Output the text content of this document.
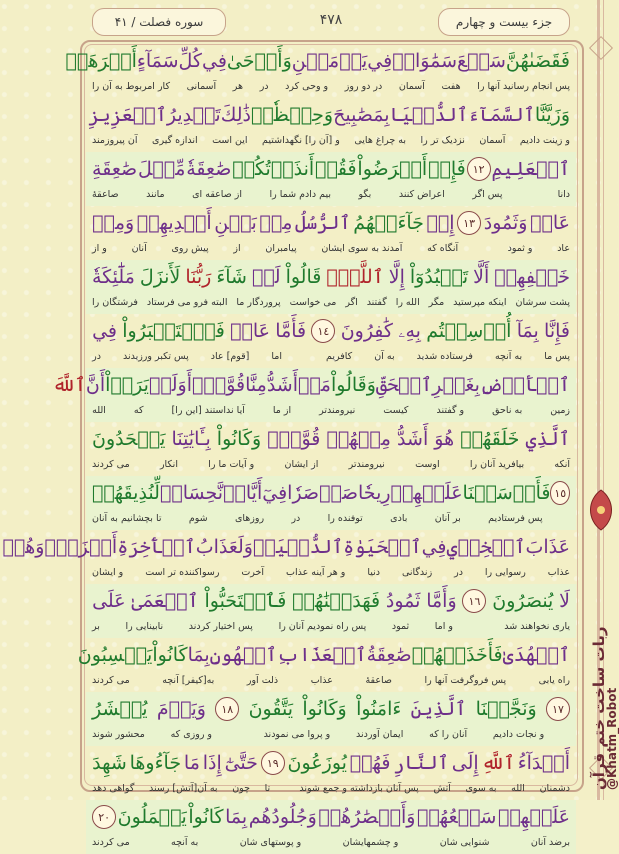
جزء بیست و چهارم
۴۷۸
سوره فصلت / ۴۱
فَقَضَىٰهُنَّ
سَبۡعَ
سَمَٰوَاتٖ
فِي
يَوۡمَيۡنِ
وَأَوۡحَىٰ
فِي
كُلِّ
سَمَآءٍ
أَمۡرَهَاۚ
پس انجام رسانید آنها را
هفت
آسمان
در دو روز
و وحی کرد
در
هر
آسمانی
کار امربوط به آن را
وَزَيَّنَّا
ٱلسَّمَآءَ
ٱلدُّنۡيَا
بِمَصَٰبِيحَ
وَحِفۡظٗاۚ
ذَٰلِكَ
تَقۡدِيرُ
ٱلۡعَزِيزِ
و زینت دادیم
آسمان
نزدیک تر را
به چراغ هایی
و [آن را] نگهداشتیم
این است
اندازه گیری
آن پیروزمند
ٱلۡعَلِيمِ
١٢
فَإِنۡ
أَعۡرَضُواْ
فَقُلۡ
أَنذَرۡتُكُمۡ
صَٰعِقَةٗ
مِّثۡلَ
صَٰعِقَةِ
دانا
پس اگر
اعراض کنند
بگو
بیم دادم شما را
از صاعقه ای
مانند
صاعقهٔ
عَادٖ
وَثَمُودَ
١٣
إِذۡ
جَآءَتۡهُمُ
ٱلرُّسُلُ
مِنۢ
بَيۡنِ
أَيۡدِيهِمۡ
وَمِنۡ
عاد
و ثمود
آنگاه که
آمدند به سوی ایشان
پیامبران
از
پیش روی
آنان
و از
خَلۡفِهِمۡ
أَلَّا
تَعۡبُدُوٓاْ
إِلَّا
ٱللَّهَۖ
قَالُواْ
لَوۡ
شَآءَ
رَبُّنَا
لَأَنزَلَ
مَلَٰٓئِكَةٗ
پشت سرشان
اینکه مپرستید
مگر
الله را
گفتند
اگر
می خواست
پروردگار ما
البته فرو می فرستاد
فرشتگان را
فَإِنَّا
بِمَآ
أُرۡسِلۡتُم
بِهِۦ
كَٰفِرُونَ
١٤
فَأَمَّا
عَادٞ
فَٱسۡتَكۡبَرُواْ
فِي
پس ما
به آنچه
فرستاده شدید
به آن
کافریم
اما
[قوم] عاد
پس تکبر ورزیدند
در
ٱلۡأَرۡضِ
بِغَيۡرِ
ٱلۡحَقِّ
وَقَالُواْ
مَنۡ
أَشَدُّ
مِنَّا
قُوَّةًۖ
أَوَلَمۡ
يَرَوۡاْ
أَنَّ
ٱللَّهَ
زمین
به ناحق
و گفتند
کیست
نیرومندتر
از ما
آیا نداستند [این را]
که
الله
ٱلَّذِي
خَلَقَهُمۡ
هُوَ
أَشَدُّ
مِنۡهُمۡ
قُوَّةٗۖ
وَكَانُواْ
بِـَٔايَٰتِنَا
يَجۡحَدُونَ
آنکه
بیافرید آنان را
اوست
نیرومندتر
از ایشان
و آیات ما را
انکار
می کردند
١٥
فَأَرۡسَلۡنَا
عَلَيۡهِمۡ
رِيحٗا
صَرۡصَرٗا
فِيٓ
أَيَّامٖ
نَّحِسَاتٖ
لِّنُذِيقَهُمۡ
پس فرستادیم
بر آنان
بادی
توفنده را
در
روزهای
شوم
تا بچشانیم به آنان
عَذَابَ
ٱلۡخِزۡيِ
فِي
ٱلۡحَيَوٰةِ
ٱلدُّنۡيَاۖ
وَلَعَذَابُ
ٱلۡأٓخِرَةِ
أَخۡزَىٰۖ
وَهُمۡ
عذاب
رسوایی را
در
زندگانی
دنیا
و هر آینه عذاب
آخرت
رسواکننده تر است
و ایشان
لَا
يُنصَرُونَ
١٦
وَأَمَّا
ثَمُودُ
فَهَدَيۡنَٰهُمۡ
فَٱسۡتَحَبُّواْ
ٱلۡعَمَىٰ
عَلَى
یاری نخواهند شد
و اما
ثمود
پس راه نمودیم آنان را
پس اختیار کردند
نابینایی را
بر
ٱلۡهُدَىٰ
فَأَخَذَتۡهُمۡ
صَٰعِقَةُ
ٱلۡعَذَابِ
ٱلۡهُونِ
بِمَا
كَانُواْ
يَكۡسِبُونَ
راه یابی
پس فروگرفت آنها را
صاعقهٔ
عذاب
ذلت آور
به[کیفر] آنچه
می کردند
١٧
وَنَجَّيۡنَا
ٱلَّذِينَ
ءَامَنُواْ
وَكَانُواْ
يَتَّقُونَ
١٨
وَيَوۡمَ
يُحۡشَرُ
و نجات دادیم
آنان را که
ایمان آوردند
و پروا می نمودند
و روزی که
محشور شوند
أَعۡدَآءُ
ٱللَّهِ
إِلَى
ٱلنَّارِ
فَهُمۡ
يُوزَعُونَ
١٩
حَتَّىٰٓ
إِذَا
مَا
جَآءُوهَا
شَهِدَ
دشمنان
الله
به سوی
آتش
پس آنان بازداشته و جمع شوند
تا
چون
به آن[آتش] رسند
گواهی دهد
عَلَيۡهِمۡ
سَمۡعُهُمۡ
وَأَبۡصَٰرُهُمۡ
وَجُلُودُهُم
بِمَا
كَانُواْ
يَعۡمَلُونَ
٢٠
برضد آنان
شنوایی شان
و چشمهایشان
و پوستهای شان
به آنچه
می کردند
ربات ساخت ختم قرآن
@Khatm_Robot
